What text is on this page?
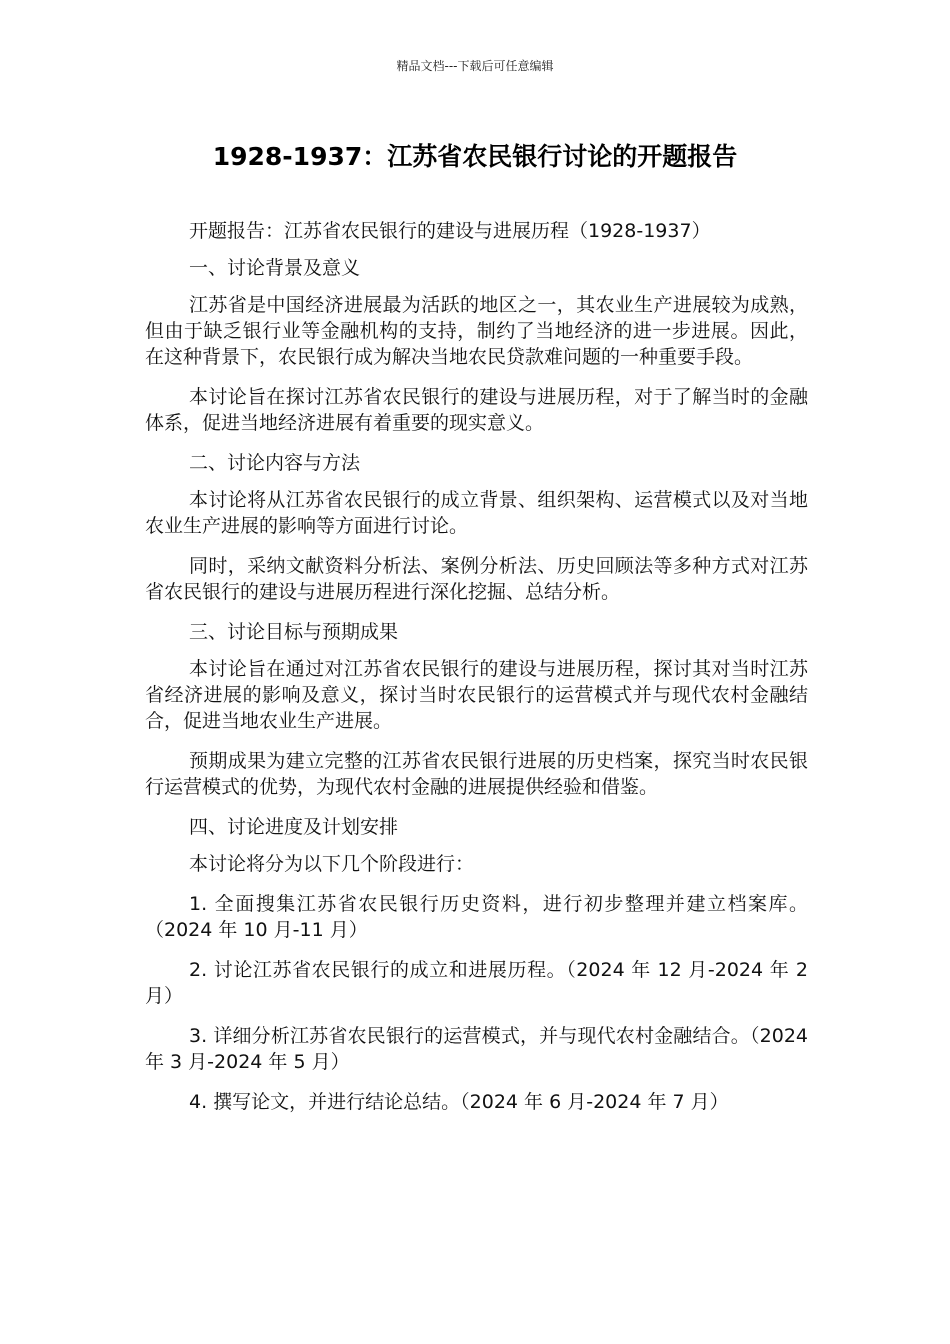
精品文档---下载后可任意编辑
1928-1937：江苏省农民银行讨论的开题报告

开题报告：江苏省农民银行的建设与进展历程（1928-1937）

一、讨论背景及意义

江苏省是中国经济进展最为活跃的地区之一，其农业生产进展较为成熟，但由于缺乏银行业等金融机构的支持，制约了当地经济的进一步进展。因此，在这种背景下，农民银行成为解决当地农民贷款难问题的一种重要手段。

本讨论旨在探讨江苏省农民银行的建设与进展历程，对于了解当时的金融体系，促进当地经济进展有着重要的现实意义。

二、讨论内容与方法

本讨论将从江苏省农民银行的成立背景、组织架构、运营模式以及对当地农业生产进展的影响等方面进行讨论。

同时，采纳文献资料分析法、案例分析法、历史回顾法等多种方式对江苏省农民银行的建设与进展历程进行深化挖掘、总结分析。

三、讨论目标与预期成果

本讨论旨在通过对江苏省农民银行的建设与进展历程，探讨其对当时江苏省经济进展的影响及意义，探讨当时农民银行的运营模式并与现代农村金融结合，促进当地农业生产进展。

预期成果为建立完整的江苏省农民银行进展的历史档案，探究当时农民银行运营模式的优势，为现代农村金融的进展提供经验和借鉴。

四、讨论进度及计划安排

本讨论将分为以下几个阶段进行：

1. 全面搜集江苏省农民银行历史资料，进行初步整理并建立档案库。（2024 年 10 月-11 月）

2. 讨论江苏省农民银行的成立和进展历程。（2024 年 12 月-2024 年 2 月）

3. 详细分析江苏省农民银行的运营模式，并与现代农村金融结合。（2024 年 3 月-2024 年 5 月）

4. 撰写论文，并进行结论总结。（2024 年 6 月-2024 年 7 月）
